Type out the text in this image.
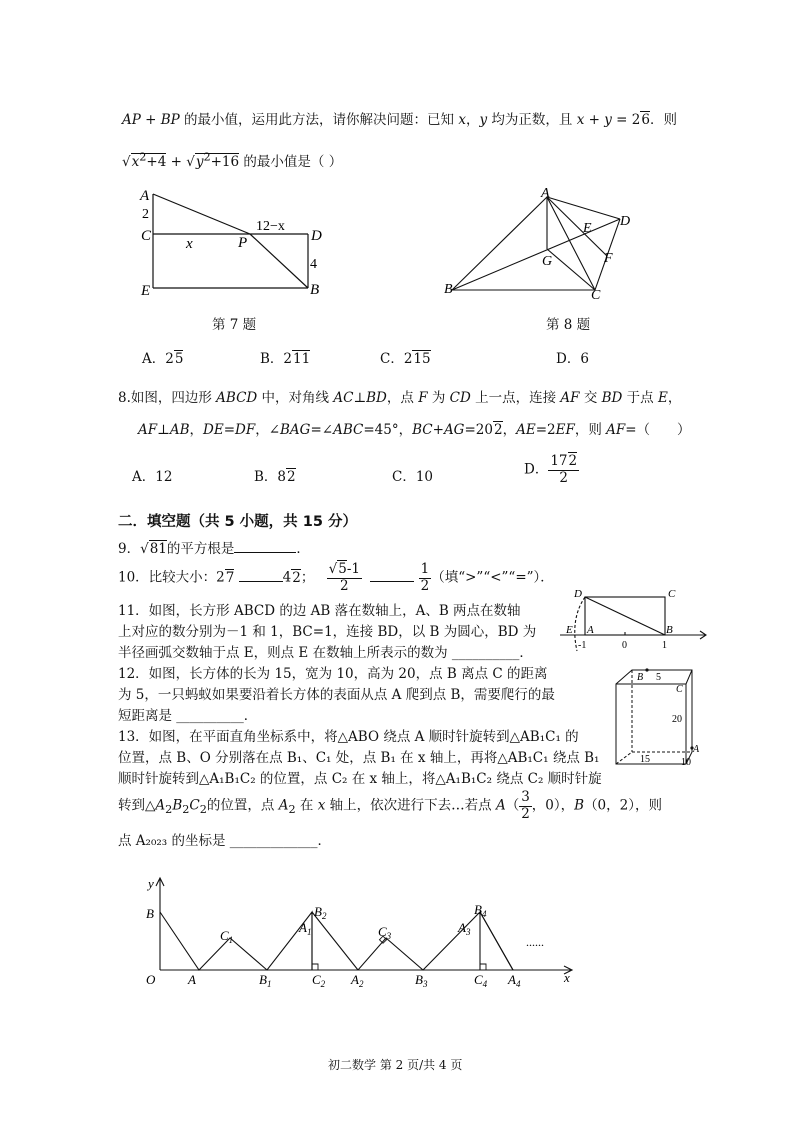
AP + BP 的最小值，运用此方法，请你解决问题：已知 x，y 均为正数，且 x + y = 26．则
$√x^2+4 + √y^2+16$ 的最小值是（ ）
A
C
E
P	D
B
x
2
4
12−x
第 7 题
A
B	C
D
E
F
G
第 8 题
A．25	B．211	C．215	D．6
8.如图，四边形 ABCD 中，对角线 AC⊥BD，点 F 为 CD 上一点，连接 AF 交 BD 于点 E，
AF⊥AB，DE=DF，∠BAG=∠ABC=45°，BC+AG=202，AE=2EF，则 AF=（　　）
A．12	B．82	C．10	D． $\frac{172}{2}$
二．填空题（共 5 小题，共 15 分）
9．√81的平方根是	．
10．比较大小：27	42； $\frac{√5-1}{2}$
	$\frac{1}{2}$ （填“>”“<”“=”）．
11．如图，长方形 ABCD 的边 AB 落在数轴上，A、B 两点在数轴
上对应的数分别为－1 和 1，BC=1，连接 BD，以 B 为圆心，BD 为
半径画弧交数轴于点 E，则点 E 在数轴上所表示的数为 __________．
D	C
E A	B
-1	0	1
12．如图，长方体的长为 15，宽为 10，高为 20，点 B 离点 C 的距离
为 5，一只蚂蚁如果要沿着长方体的表面从点 A 爬到点 B，需要爬行的最
短距离是 __________．
B
C
A
5
20
15	10
13．如图，在平面直角坐标系中，将△ABO 绕点 A 顺时针旋转到△AB₁C₁ 的
位置，点 B、O 分别落在点 B₁、C₁ 处，点 B₁ 在 x 轴上，再将△AB₁C₁ 绕点 B₁
顺时针旋转到△A₁B₁C₂ 的位置，点 C₂ 在 x 轴上，将△A₁B₁C₂ 绕点 C₂ 顺时针旋
转到$\triangle A_2B_2C_2$的位置，点 $A_2$ 在 x 轴上，依次进行下去…若点 $A( \frac{3}{2}$ ，0），B（0，2），则
点 A₂₀₂₃ 的坐标是 _____________．
y
x
O
B
A
$C_1$
$B_1$
$A_1$
$B_2$
$C_2$ $A_2$
$C_3$
$B_3$
$A_3$
$B_4$
$C_4$ $A_4$
......
初二数学 第 2 页/共 4 页
